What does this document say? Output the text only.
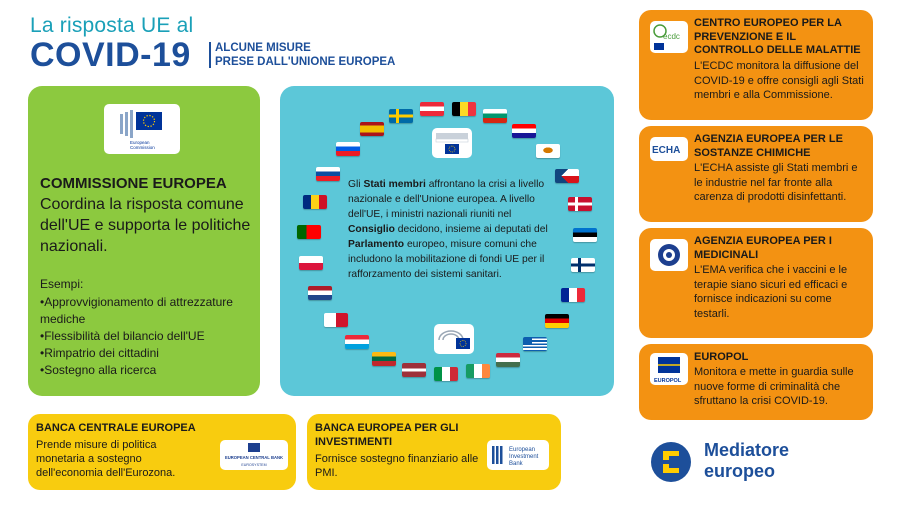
La risposta UE al
COVID-19 ALCUNE MISURE
PRESE DALL'UNIONE EUROPEA
European
Commission
COMMISSIONE EUROPEA
Coordina la risposta comune dell'UE e supporta le politiche nazionali.
Esempi:
• Approvvigionamento di attrezzature mediche
• Flessibilità del bilancio dell'UE
• Rimpatrio dei cittadini
• Sostegno alla ricerca
Gli Stati membri affrontano la crisi a livello nazionale e dell'Unione europea. A livello dell'UE, i ministri nazionali riuniti nel Consiglio decidono, insieme ai deputati del Parlamento europeo, misure comuni che includono la mobilitazione di fondi UE per il rafforzamento dei sistemi sanitari.
ecdc
CENTRO EUROPEO PER LA PREVENZIONE E IL CONTROLLO DELLE MALATTIE
L'ECDC monitora la diffusione del COVID-19 e offre consigli agli Stati membri e alla Commissione.
ECHA
AGENZIA EUROPEA PER LE SOSTANZE CHIMICHE
L'ECHA assiste gli Stati membri e le industrie nel far fronte alla carenza di prodotti disinfettanti.
AGENZIA EUROPEA PER I MEDICINALI
L'EMA verifica che i vaccini e le terapie siano sicuri ed efficaci e fornisce indicazioni su come testarli.
EUROPOL
EUROPOL
Monitora e mette in guardia sulle nuove forme di criminalità che sfruttano la crisi COVID-19.
BANCA CENTRALE EUROPEA
Prende misure di politica monetaria a sostegno dell'economia dell'Eurozona.
EUROPEAN CENTRAL BANK
EUROSYSTEM
BANCA EUROPEA PER GLI INVESTIMENTI
Fornisce sostegno finanziario alle PMI.
European
Investment
Bank
Mediatore
europeo
